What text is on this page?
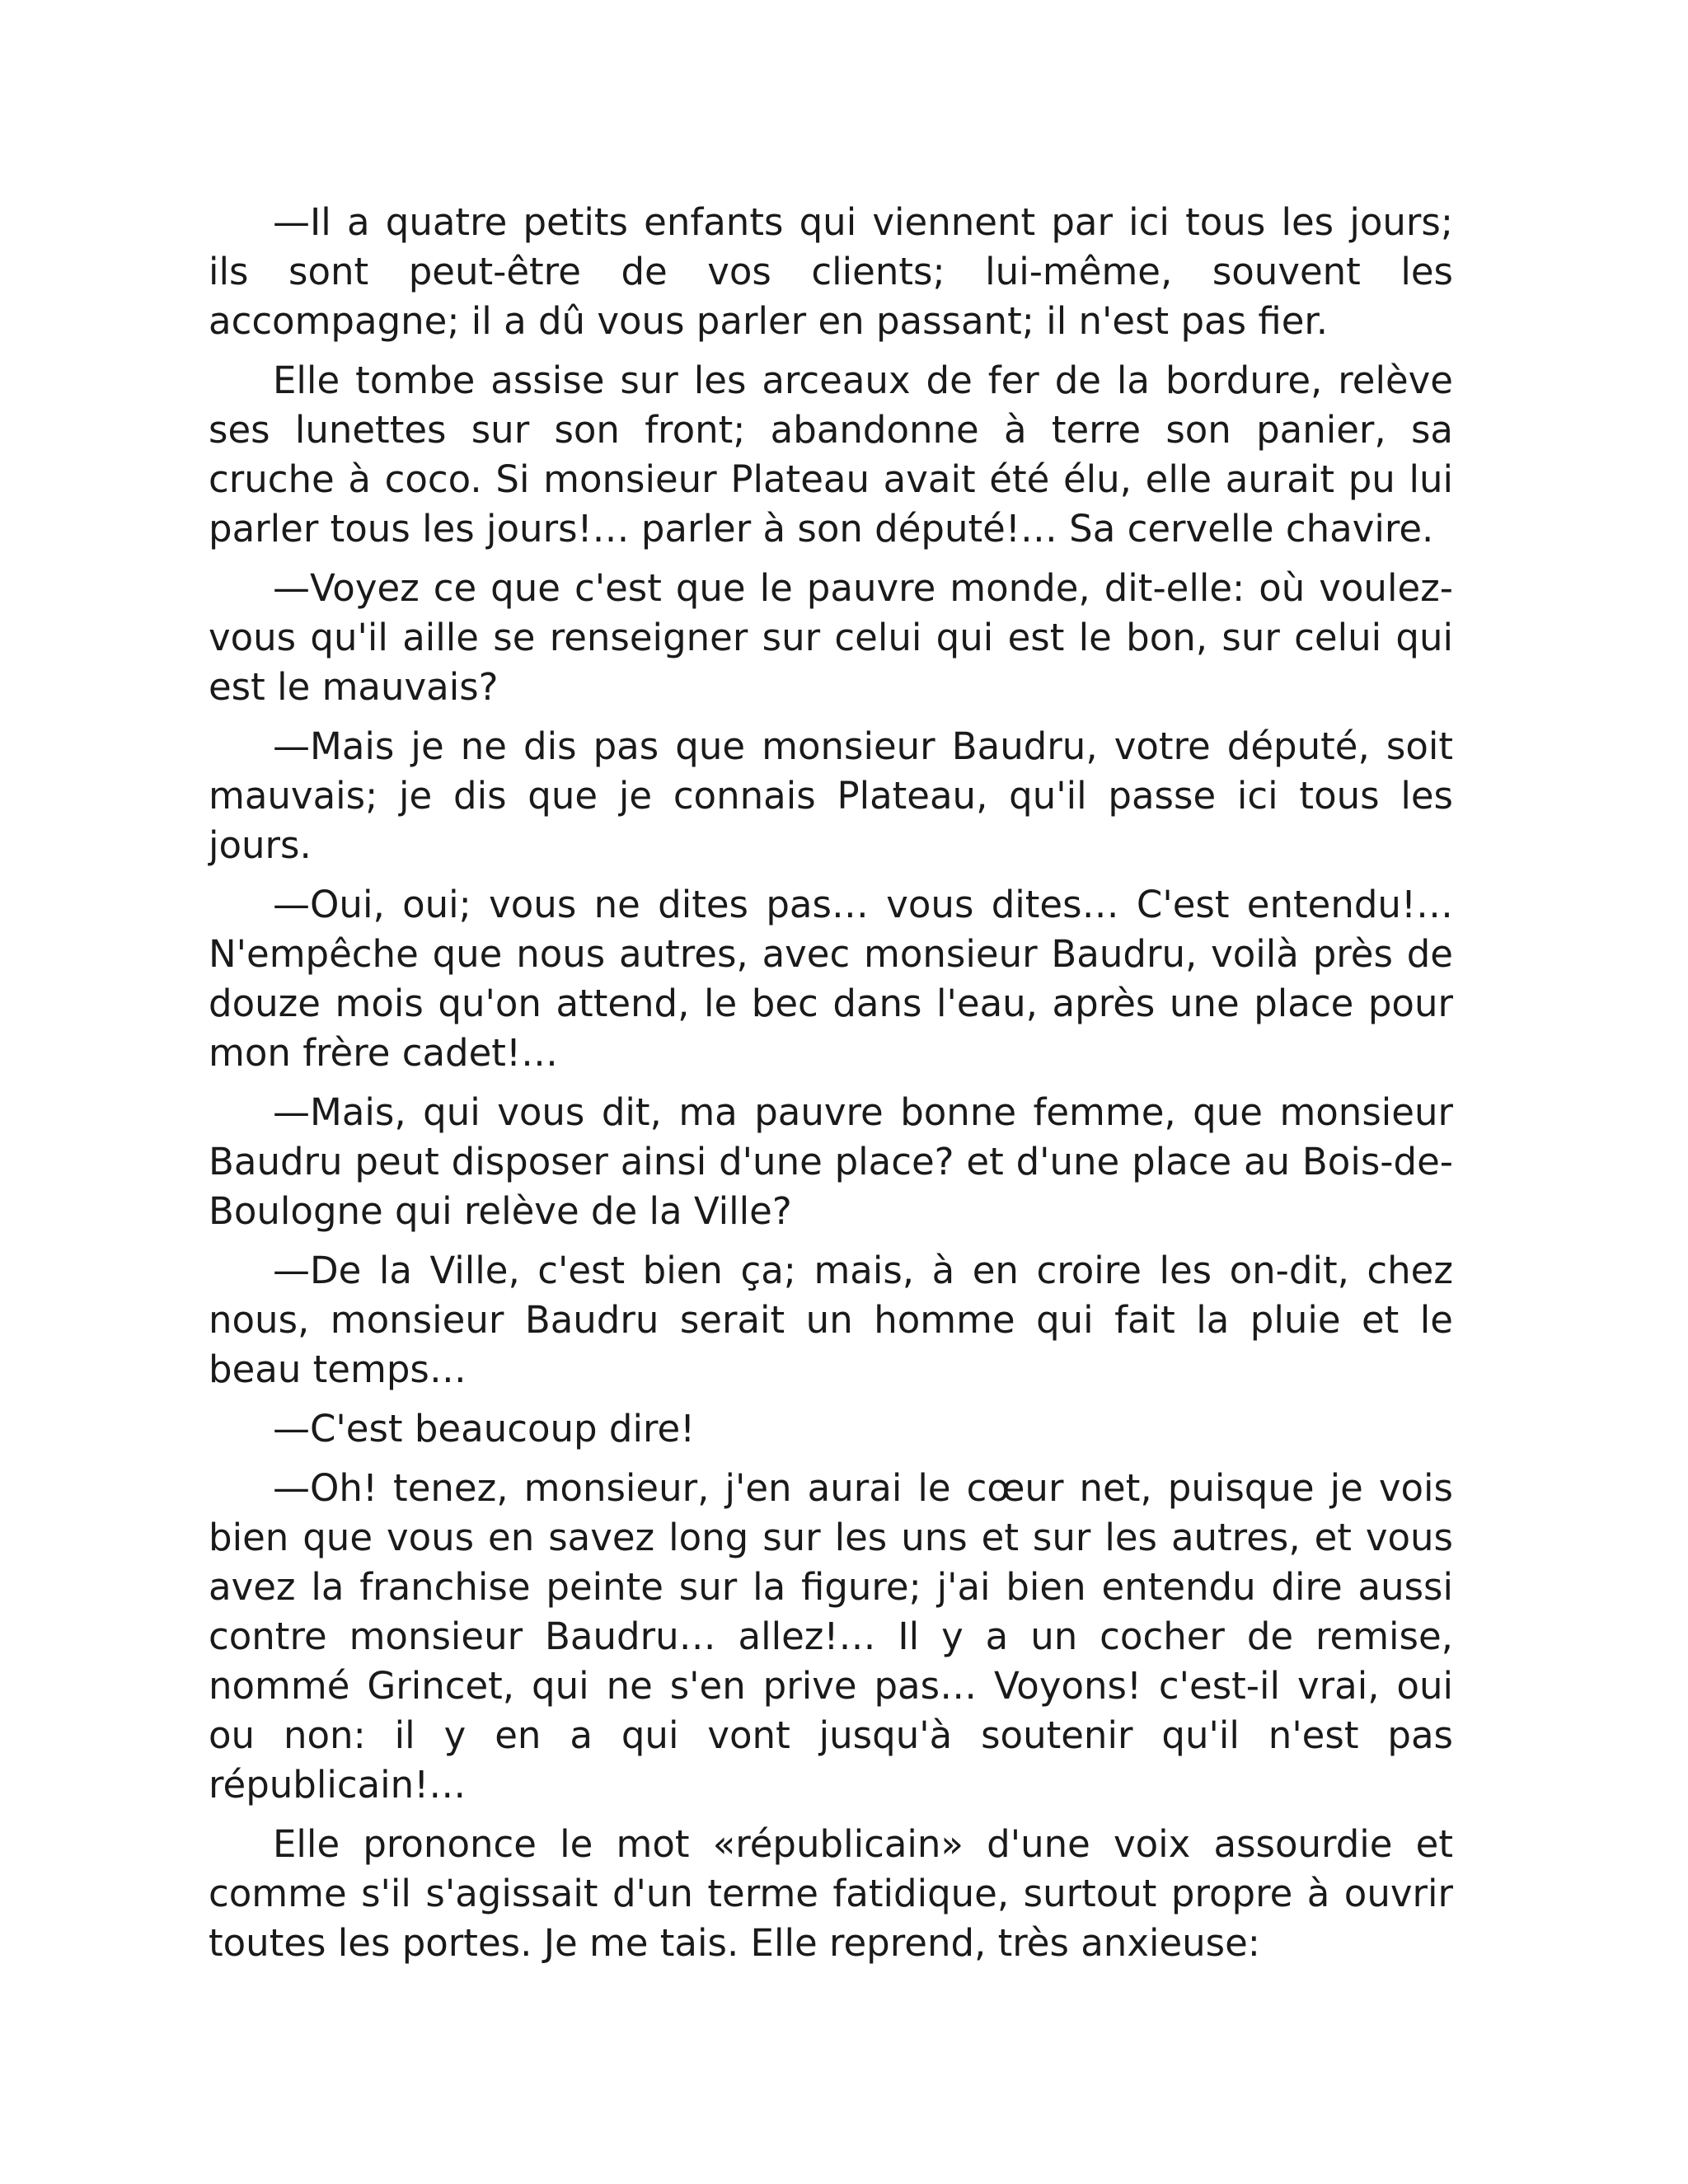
—Il a quatre petits enfants qui viennent par ici tous les jours; ils sont peut-être de vos clients; lui-même, souvent les accompagne; il a dû vous parler en passant; il n'est pas fier.

Elle tombe assise sur les arceaux de fer de la bordure, relève ses lunettes sur son front; abandonne à terre son panier, sa cruche à coco. Si monsieur Plateau avait été élu, elle aurait pu lui parler tous les jours!… parler à son député!… Sa cervelle chavire.

—Voyez ce que c'est que le pauvre monde, dit-elle: où voulez-vous qu'il aille se renseigner sur celui qui est le bon, sur celui qui est le mauvais?

—Mais je ne dis pas que monsieur Baudru, votre député, soit mauvais; je dis que je connais Plateau, qu'il passe ici tous les jours.

—Oui, oui; vous ne dites pas… vous dites… C'est entendu!… N'empêche que nous autres, avec monsieur Baudru, voilà près de douze mois qu'on attend, le bec dans l'eau, après une place pour mon frère cadet!…

—Mais, qui vous dit, ma pauvre bonne femme, que monsieur Baudru peut disposer ainsi d'une place? et d'une place au Bois-de-Boulogne qui relève de la Ville?

—De la Ville, c'est bien ça; mais, à en croire les on-dit, chez nous, monsieur Baudru serait un homme qui fait la pluie et le beau temps…

—C'est beaucoup dire!

—Oh! tenez, monsieur, j'en aurai le cœur net, puisque je vois bien que vous en savez long sur les uns et sur les autres, et vous avez la franchise peinte sur la figure; j'ai bien entendu dire aussi contre monsieur Baudru… allez!… Il y a un cocher de remise, nommé Grincet, qui ne s'en prive pas… Voyons! c'est-il vrai, oui ou non: il y en a qui vont jusqu'à soutenir qu'il n'est pas républicain!…

Elle prononce le mot «républicain» d'une voix assourdie et comme s'il s'agissait d'un terme fatidique, surtout propre à ouvrir toutes les portes. Je me tais. Elle reprend, très anxieuse:
